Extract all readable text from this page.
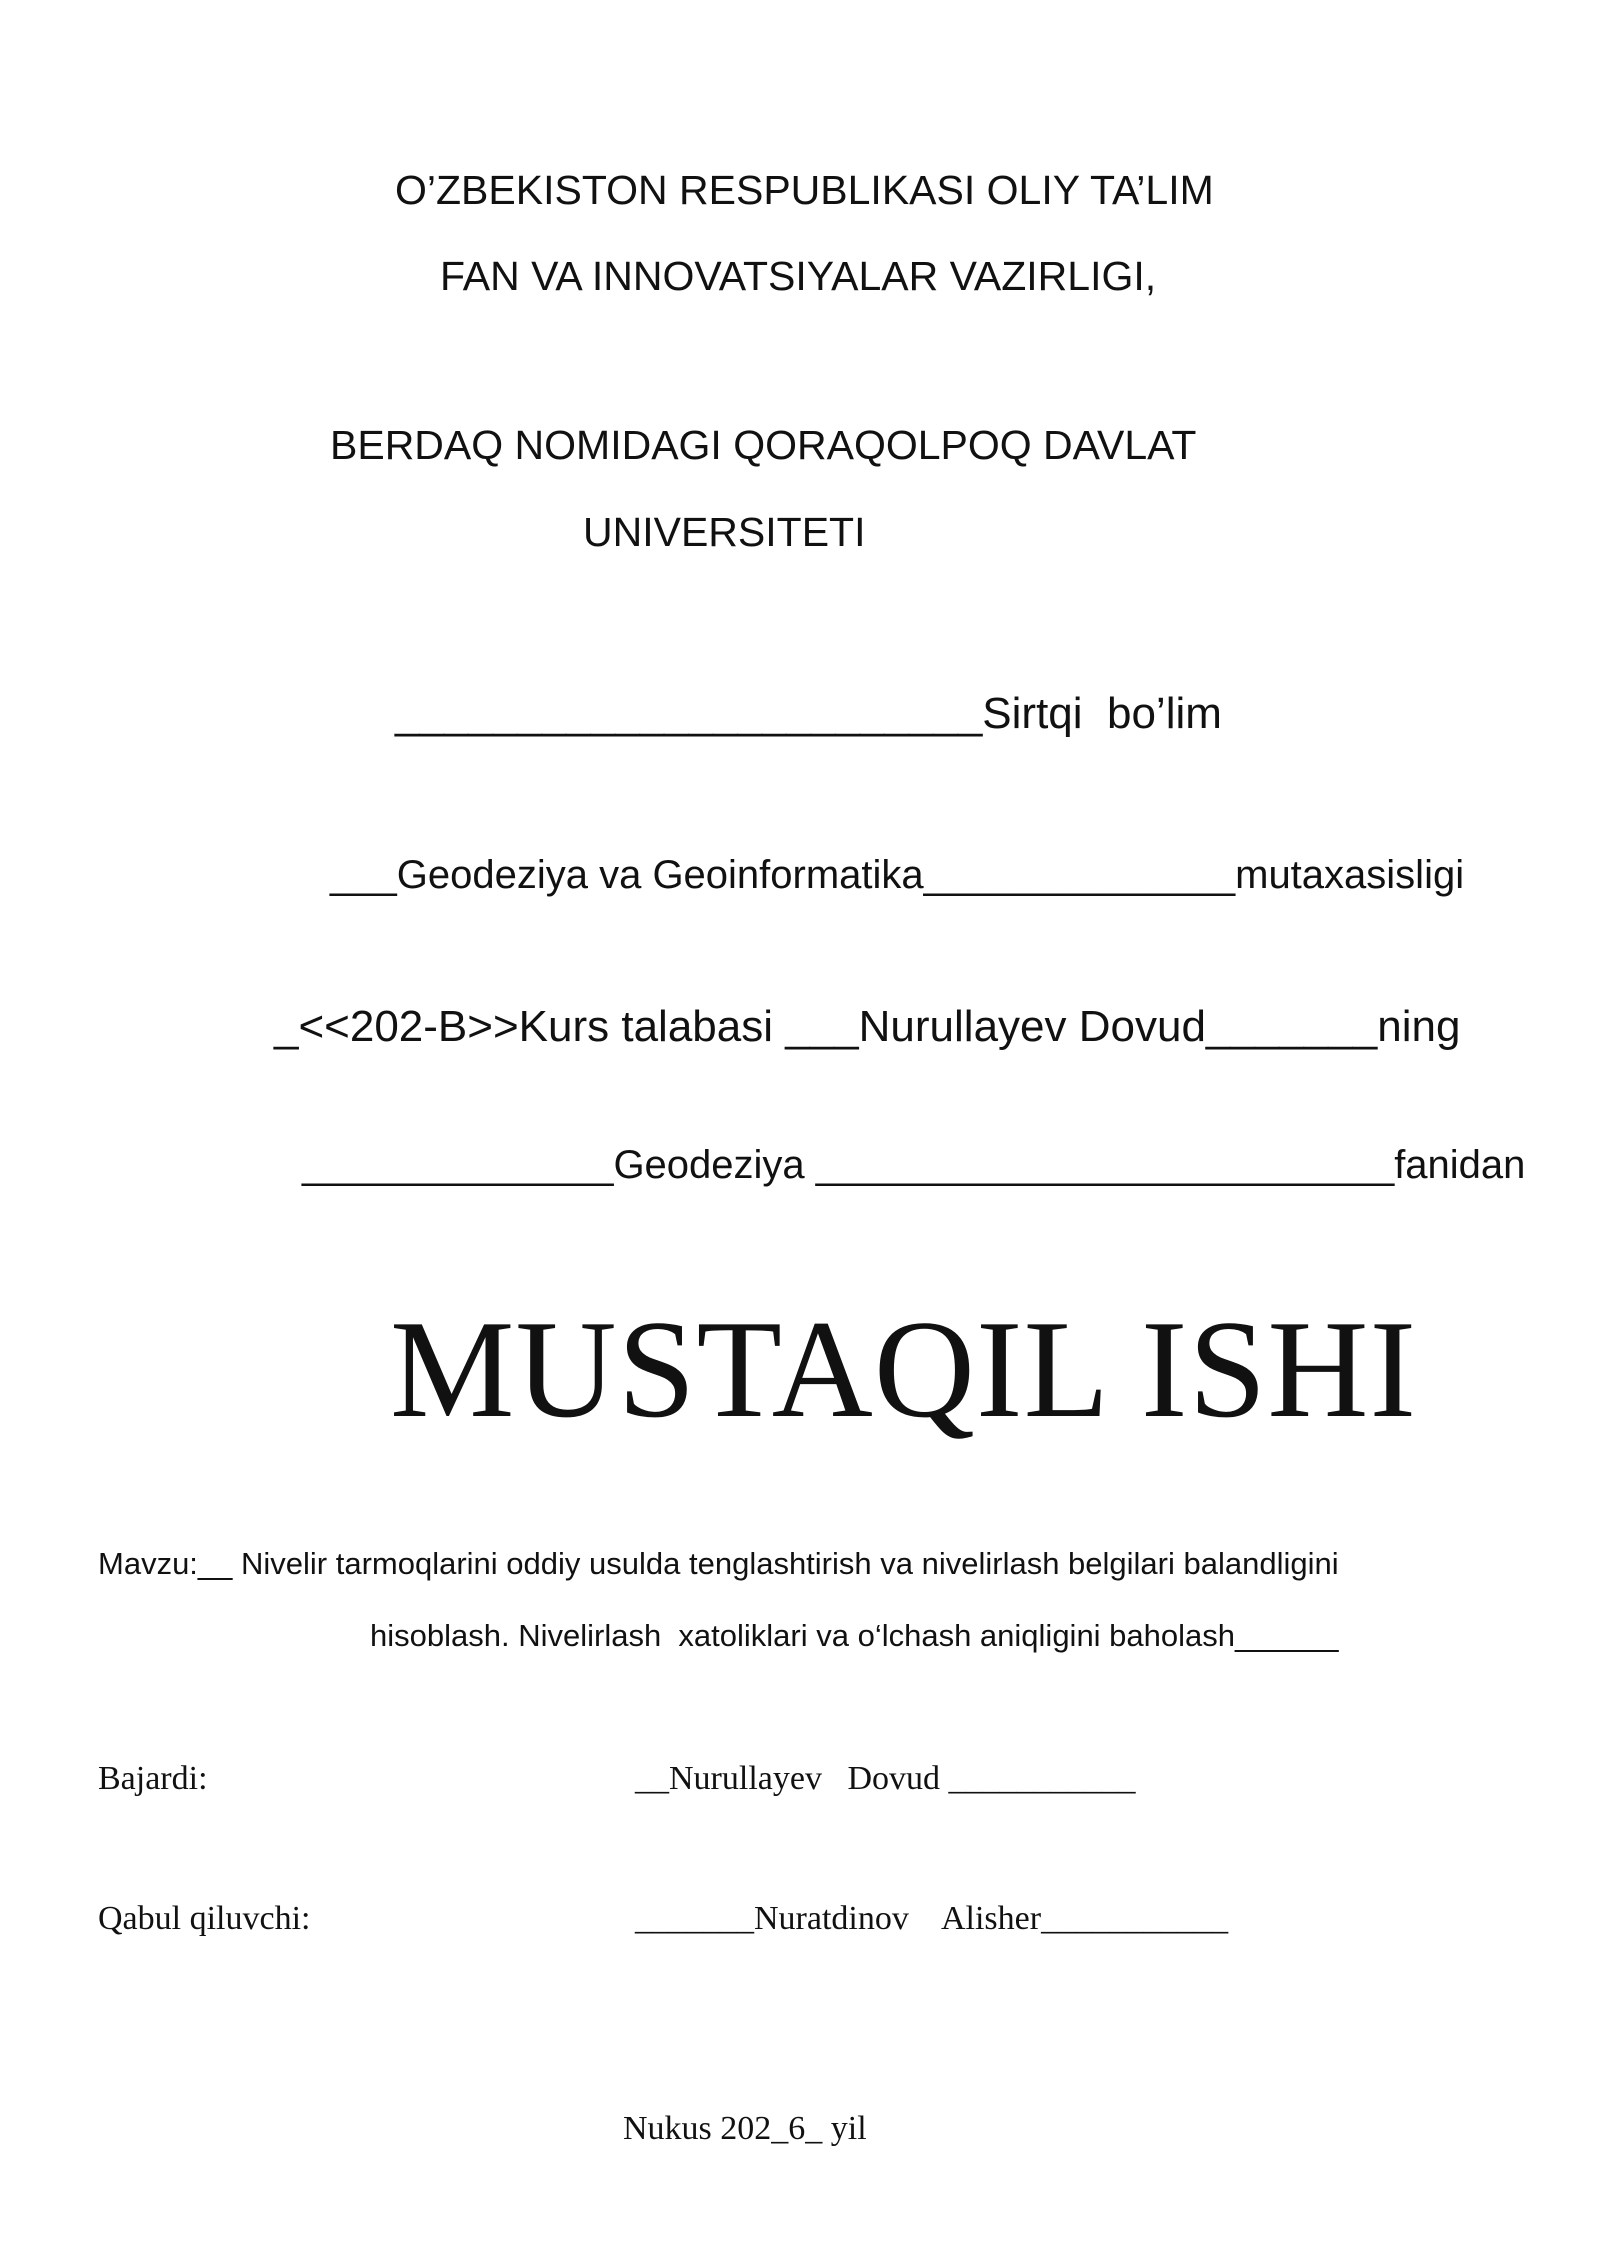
O’ZBEKISTON RESPUBLIKASI OLIY TA’LIM
FAN VA INNOVATSIYALAR VAZIRLIGI,
BERDAQ NOMIDAGI QORAQOLPOQ DAVLAT
UNIVERSITETI
________________________Sirtqi  bo’lim
___Geodeziya va Geoinformatika______________mutaxasisligi
_<<202-B>>Kurs talabasi ___Nurullayev Dovud_______ning
______________Geodeziya __________________________fanidan
MUSTAQIL ISHI
Mavzu:__ Nivelir tarmoqlarini oddiy usulda tenglashtirish va nivelirlash belgilari balandligini
hisoblash. Nivelirlash  xatoliklari va o‘lchash aniqligini baholash______
Bajardi:	__Nurullayev   Dovud ___________
Qabul qiluvchi:	_______Nuratdinov    Alisher___________
Nukus 202_6_ yil
